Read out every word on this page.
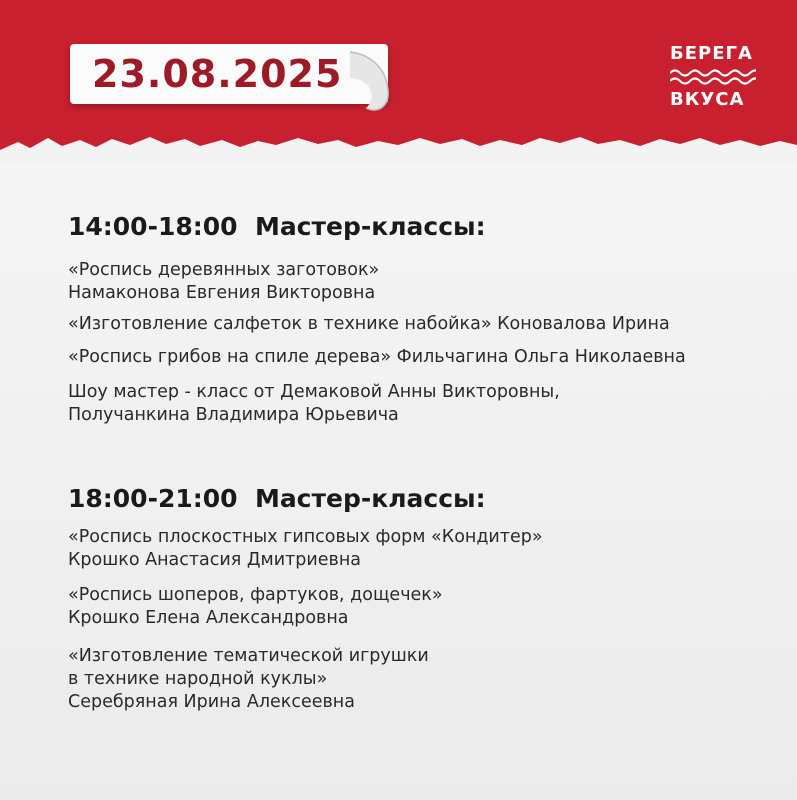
23.08.2025	БЕРЕГА
ВКУСА
14:00-18:00  Мастер-классы:
«Роспись деревянных заготовок»
Намаконова Евгения Викторовна
«Изготовление салфеток в технике набойка» Коновалова Ирина
«Роспись грибов на спиле дерева» Фильчагина Ольга Николаевна
Шоу мастер - класс от Демаковой Анны Викторовны,
Получанкина Владимира Юрьевича
18:00-21:00  Мастер-классы:
«Роспись плоскостных гипсовых форм «Кондитер»
Крошко Анастасия Дмитриевна
«Роспись шоперов, фартуков, дощечек»
Крошко Елена Александровна
«Изготовление тематической игрушки
в технике народной куклы»
Серебряная Ирина Алексеевна
